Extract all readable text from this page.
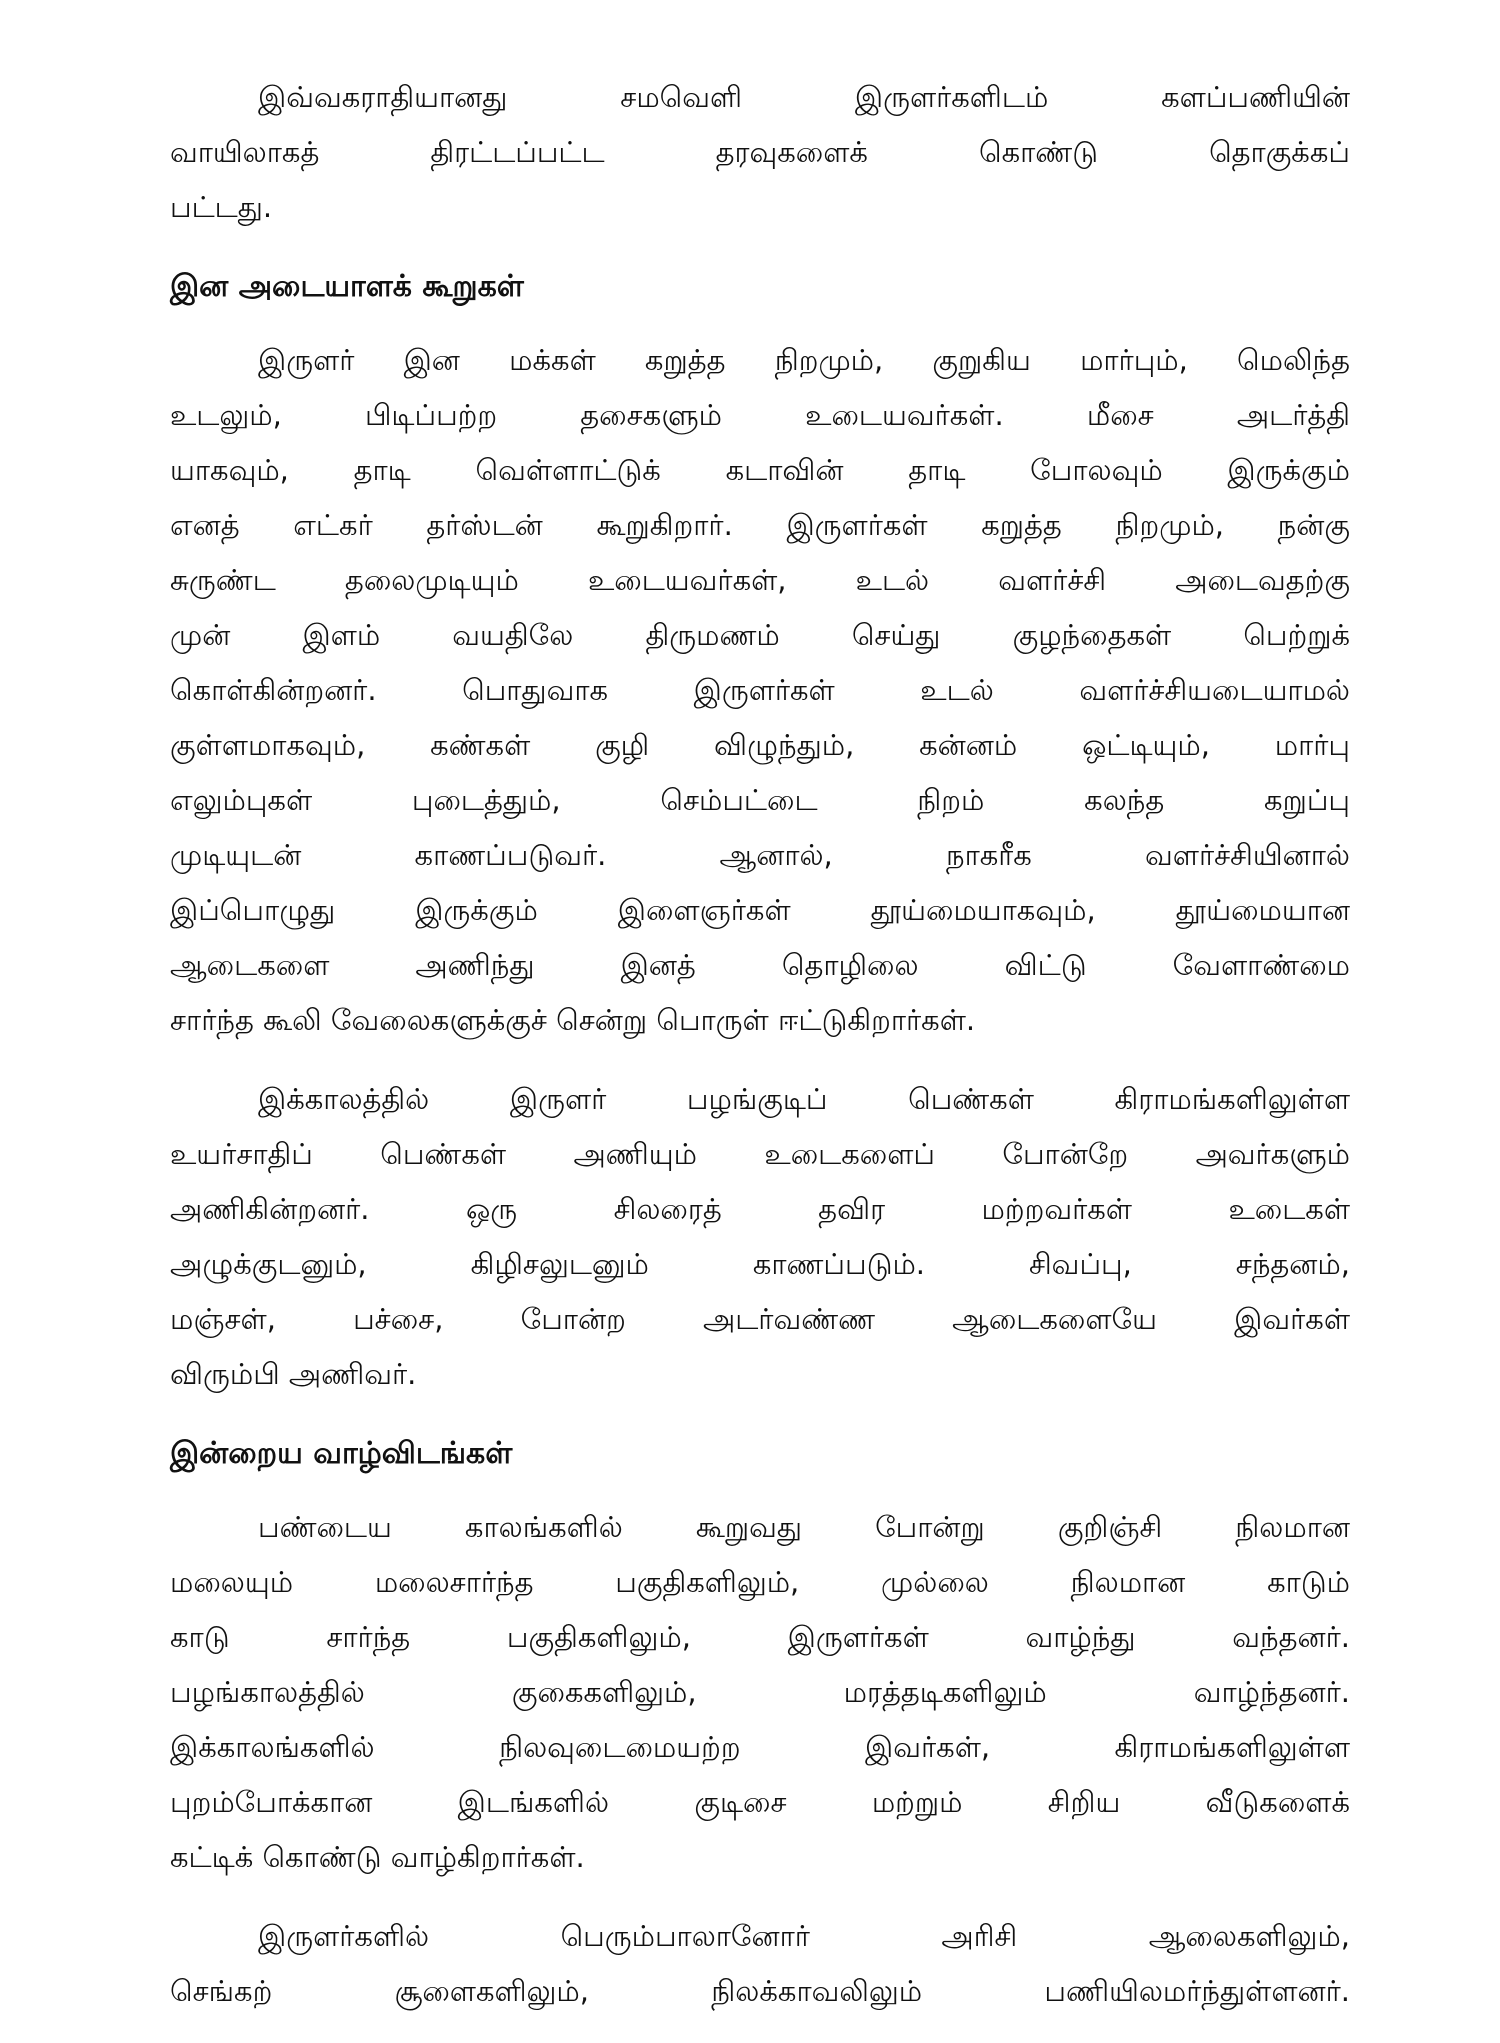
இவ்வகராதியானது சமவெளி இருளர்களிடம் களப்பணியின்
வாயிலாகத் திரட்டப்பட்ட தரவுகளைக் கொண்டு தொகுக்கப்
பட்டது.
இன அடையாளக் கூறுகள்
இருளர் இன மக்கள் கறுத்த நிறமும், குறுகிய மார்பும், மெலிந்த
உடலும், பிடிப்பற்ற தசைகளும் உடையவர்கள். மீசை அடர்த்தி
யாகவும், தாடி வெள்ளாட்டுக் கடாவின் தாடி போலவும் இருக்கும்
எனத் எட்கர் தர்ஸ்டன் கூறுகிறார். இருளர்கள் கறுத்த நிறமும், நன்கு
சுருண்ட தலைமுடியும் உடையவர்கள், உடல் வளர்ச்சி அடைவதற்கு
முன் இளம் வயதிலே திருமணம் செய்து குழந்தைகள் பெற்றுக்
கொள்கின்றனர். பொதுவாக இருளர்கள் உடல் வளர்ச்சியடையாமல்
குள்ளமாகவும், கண்கள் குழி விழுந்தும், கன்னம் ஒட்டியும், மார்பு
எலும்புகள் புடைத்தும், செம்பட்டை நிறம் கலந்த கறுப்பு
முடியுடன் காணப்படுவர். ஆனால், நாகரீக வளர்ச்சியினால்
இப்பொழுது இருக்கும் இளைஞர்கள் தூய்மையாகவும், தூய்மையான
ஆடைகளை அணிந்து இனத் தொழிலை விட்டு வேளாண்மை
சார்ந்த கூலி வேலைகளுக்குச் சென்று பொருள் ஈட்டுகிறார்கள்.
இக்காலத்தில் இருளர் பழங்குடிப் பெண்கள் கிராமங்களிலுள்ள
உயர்சாதிப் பெண்கள் அணியும் உடைகளைப் போன்றே அவர்களும்
அணிகின்றனர். ஒரு சிலரைத் தவிர மற்றவர்கள் உடைகள்
அழுக்குடனும், கிழிசலுடனும் காணப்படும். சிவப்பு, சந்தனம்,
மஞ்சள், பச்சை, போன்ற அடர்வண்ண ஆடைகளையே இவர்கள்
விரும்பி அணிவர்.
இன்றைய வாழ்விடங்கள்
பண்டைய காலங்களில் கூறுவது போன்று குறிஞ்சி நிலமான
மலையும் மலைசார்ந்த பகுதிகளிலும், முல்லை நிலமான காடும்
காடு சார்ந்த பகுதிகளிலும், இருளர்கள் வாழ்ந்து வந்தனர்.
பழங்காலத்தில் குகைகளிலும், மரத்தடிகளிலும் வாழ்ந்தனர்.
இக்காலங்களில் நிலவுடைமையற்ற இவர்கள், கிராமங்களிலுள்ள
புறம்போக்கான இடங்களில் குடிசை மற்றும் சிறிய வீடுகளைக்
கட்டிக் கொண்டு வாழ்கிறார்கள்.
இருளர்களில் பெரும்பாலானோர் அரிசி ஆலைகளிலும்,
செங்கற் சூளைகளிலும், நிலக்காவலிலும் பணியிலமர்ந்துள்ளனர்.
